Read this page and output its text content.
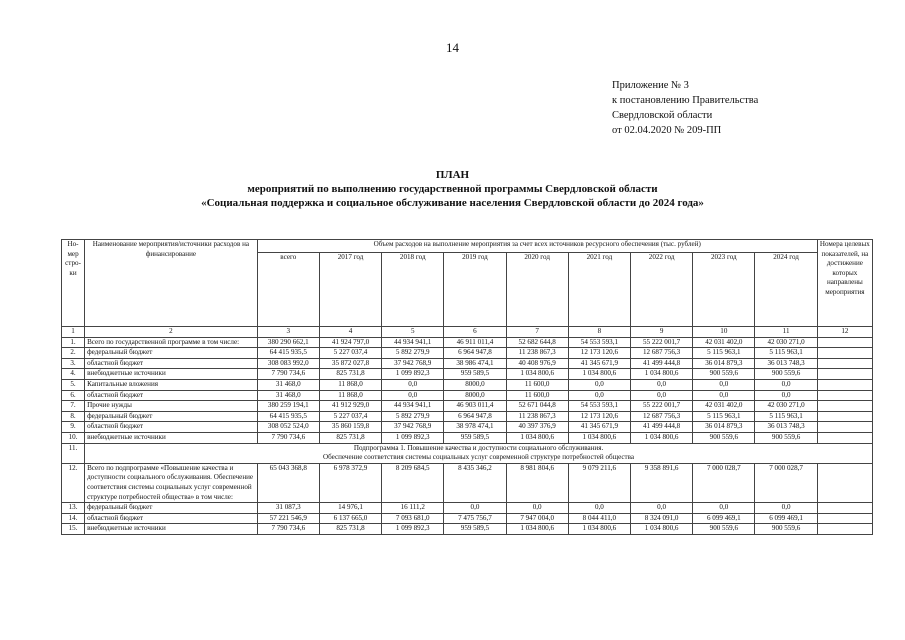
14
Приложение № 3
к постановлению Правительства
Свердловской области
от 02.04.2020 № 209-ПП
ПЛАН
мероприятий по выполнению государственной программы Свердловской области
«Социальная поддержка и социальное обслуживание населения Свердловской области до 2024 года»
Но-мер стро-ки	Наименование мероприятия/источники расходов на финансирование	Объем расходов на выполнение мероприятия за счет всех источников ресурсного обеспечения (тыс. рублей)									Номера целевых показателей, на достижение которых направлены мероприятия
		всего	2017 год	2018 год	2019 год	2020 год	2021 год	2022 год	2023 год	2024 год	
1	2	3	4	5	6	7	8	9	10	11	12
1.	Всего по государственной программе в том числе:	380 290 662,1	41 924 797,0	44 934 941,1	46 911 011,4	52 682 644,8	54 553 593,1	55 222 001,7	42 031 402,0	42 030 271,0	
2.	федеральный бюджет	64 415 935,5	5 227 037,4	5 892 279,9	6 964 947,8	11 238 867,3	12 173 120,6	12 687 756,3	5 115 963,1	5 115 963,1	
3.	областной бюджет	308 083 992,0	35 872 027,8	37 942 768,9	38 986 474,1	40 408 976,9	41 345 671,9	41 499 444,8	36 014 879,3	36 013 748,3	
4.	внебюджетные источники	7 790 734,6	825 731,8	1 099 892,3	959 589,5	1 034 800,6	1 034 800,6	1 034 800,6	900 559,6	900 559,6	
5.	Капитальные вложения	31 468,0	11 868,0	0,0	8000,0	11 600,0	0,0	0,0	0,0	0,0	
6.	областной бюджет	31 468,0	11 868,0	0,0	8000,0	11 600,0	0,0	0,0	0,0	0,0	
7.	Прочие нужды	380 259 194,1	41 912 929,0	44 934 941,1	46 903 011,4	52 671 044,8	54 553 593,1	55 222 001,7	42 031 402,0	42 030 271,0	
8.	федеральный бюджет	64 415 935,5	5 227 037,4	5 892 279,9	6 964 947,8	11 238 867,3	12 173 120,6	12 687 756,3	5 115 963,1	5 115 963,1	
9.	областной бюджет	308 052 524,0	35 860 159,8	37 942 768,9	38 978 474,1	40 397 376,9	41 345 671,9	41 499 444,8	36 014 879,3	36 013 748,3	
10.	внебюджетные источники	7 790 734,6	825 731,8	1 099 892,3	959 589,5	1 034 800,6	1 034 800,6	1 034 800,6	900 559,6	900 559,6	
11.	Подпрограмма 1. Повышение качества и доступности социального обслуживания.
Обеспечение соответствия системы социальных услуг современной структуре потребностей общества										

12.	Всего по подпрограмме «Повышение качества и доступности социального обслуживания. Обеспечение соответствия системы социальных услуг современной структуре потребностей общества» в том числе:	65 043 368,8	6 978 372,9	8 209 684,5	8 435 346,2	8 981 804,6	9 079 211,6	9 358 891,6	7 000 028,7	7 000 028,7	
13.	федеральный бюджет	31 087,3	14 976,1	16 111,2	0,0	0,0	0,0	0,0	0,0	0,0	
14.	областной бюджет	57 221 546,9	6 137 665,0	7 093 681,0	7 475 756,7	7 947 004,0	8 044 411,0	8 324 091,0	6 099 469,1	6 099 469,1	
15.	внебюджетные источники	7 790 734,6	825 731,8	1 099 892,3	959 589,5	1 034 800,6	1 034 800,6	1 034 800,6	900 559,6	900 559,6	
